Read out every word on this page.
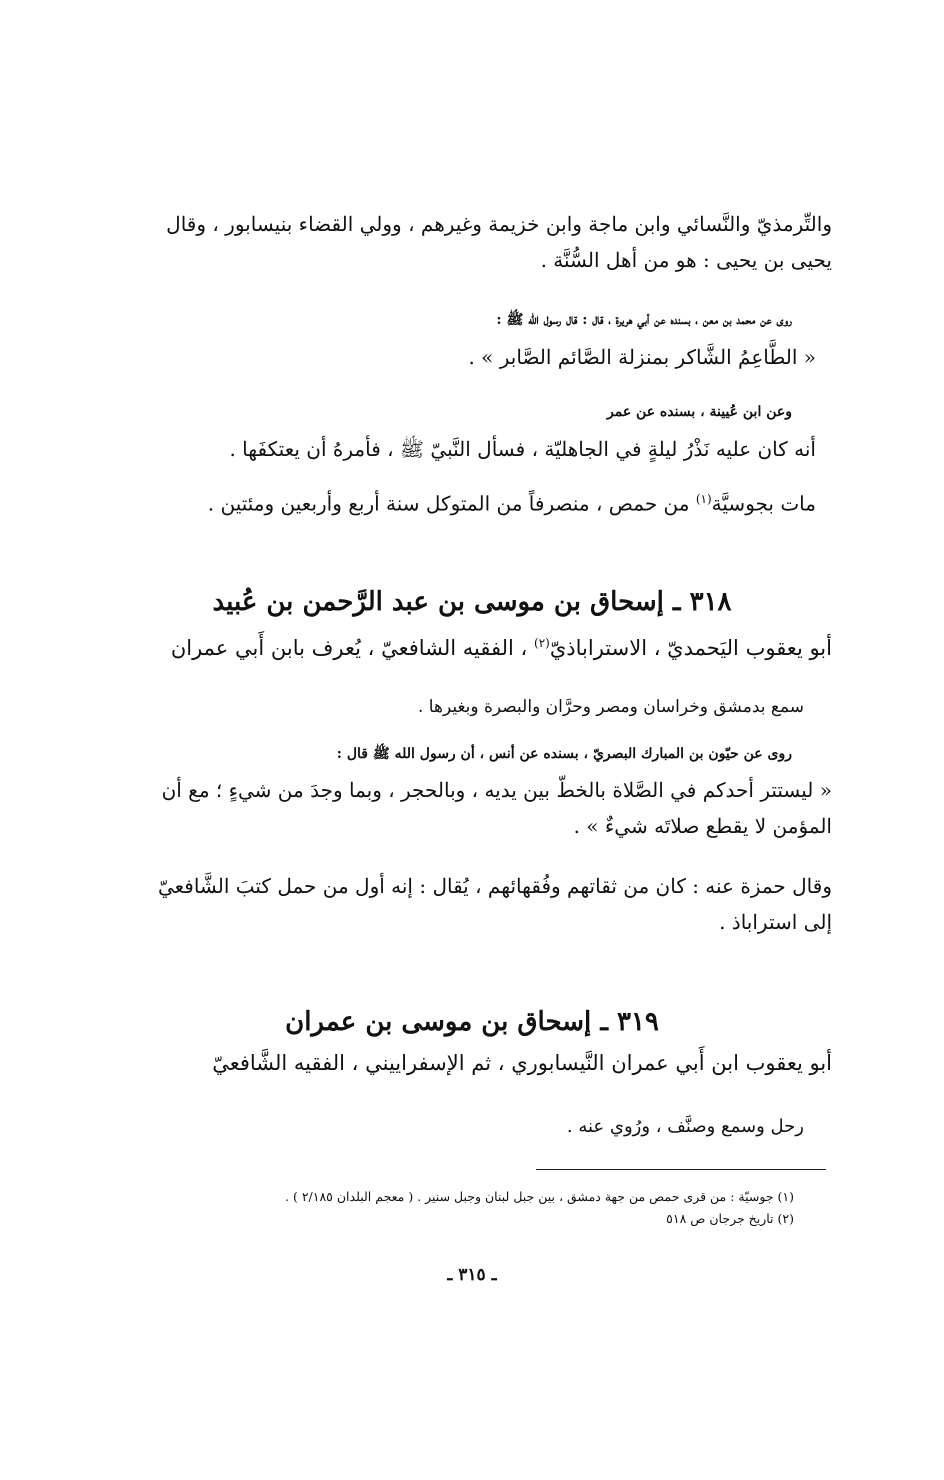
والتِّرمذيّ والنَّسائي وابن ماجة وابن خزيمة وغيرهم ، وولي القضاء بنيسابور ، وقال
يحيى بن يحيى : هو من أهل السُّنَّة .
روى عن محمد بن معن ، بسنده عن أبي هريرة ، قال : قال رسول الله ﷺ :
« الطَّاعِمُ الشَّاكر بمنزلة الصَّائم الصَّابر » .
وعن ابن عُيينة ، بسنده عن عمر
أنه كان عليه نَذْرُ ليلةٍ في الجاهليّة ، فسأل النَّبيّ ﷺ ، فأمرهُ أن يعتكفَها .
مات بجوسيَّة$^{(١)}$ من حمص ، منصرفاً من المتوكل سنة أربع وأربعين ومئتين .
٣١٨ ـ إسحاق بن موسى بن عبد الرَّحمن بن عُبيد
أبو يعقوب اليَحمديّ ، الاستراباذيّ$^{(٢)}$ ، الفقيه الشافعيّ ، يُعرف بابن أَبي عمران
سمع بدمشق وخراسان ومصر وحرَّان والبصرة وبغيرها .
روى عن حيّون بن المبارك البصريّ ، بسنده عن أنس ، أن رسول الله ﷺ قال :
« ليستتر أحدكم في الصَّلاة بالخطّ بين يديه ، وبالحجر ، وبما وجدَ من شيءٍ ؛ مع أن
المؤمن لا يقطع صلاتَه شيءٌ » .
وقال حمزة عنه : كان من ثقاتهم وفُقهائهم ، يُقال : إنه أول من حمل كتبَ الشَّافعيّ
إلى استراباذ .
٣١٩ ـ إسحاق بن موسى بن عمران
أبو يعقوب ابن أَبي عمران النَّيسابوري ، ثم الإسفراييني ، الفقيه الشَّافعيّ
رحل وسمع وصنَّف ، ورُوي عنه .
(١) جوسيّة : من قرى حمص من جهة دمشق ، بين جبل لبنان وجبل سنير . ( معجم البلدان ٢/١٨٥ ) .
(٢) تاريخ جرجان ص ٥١٨
ـ ٣١٥ ـ
